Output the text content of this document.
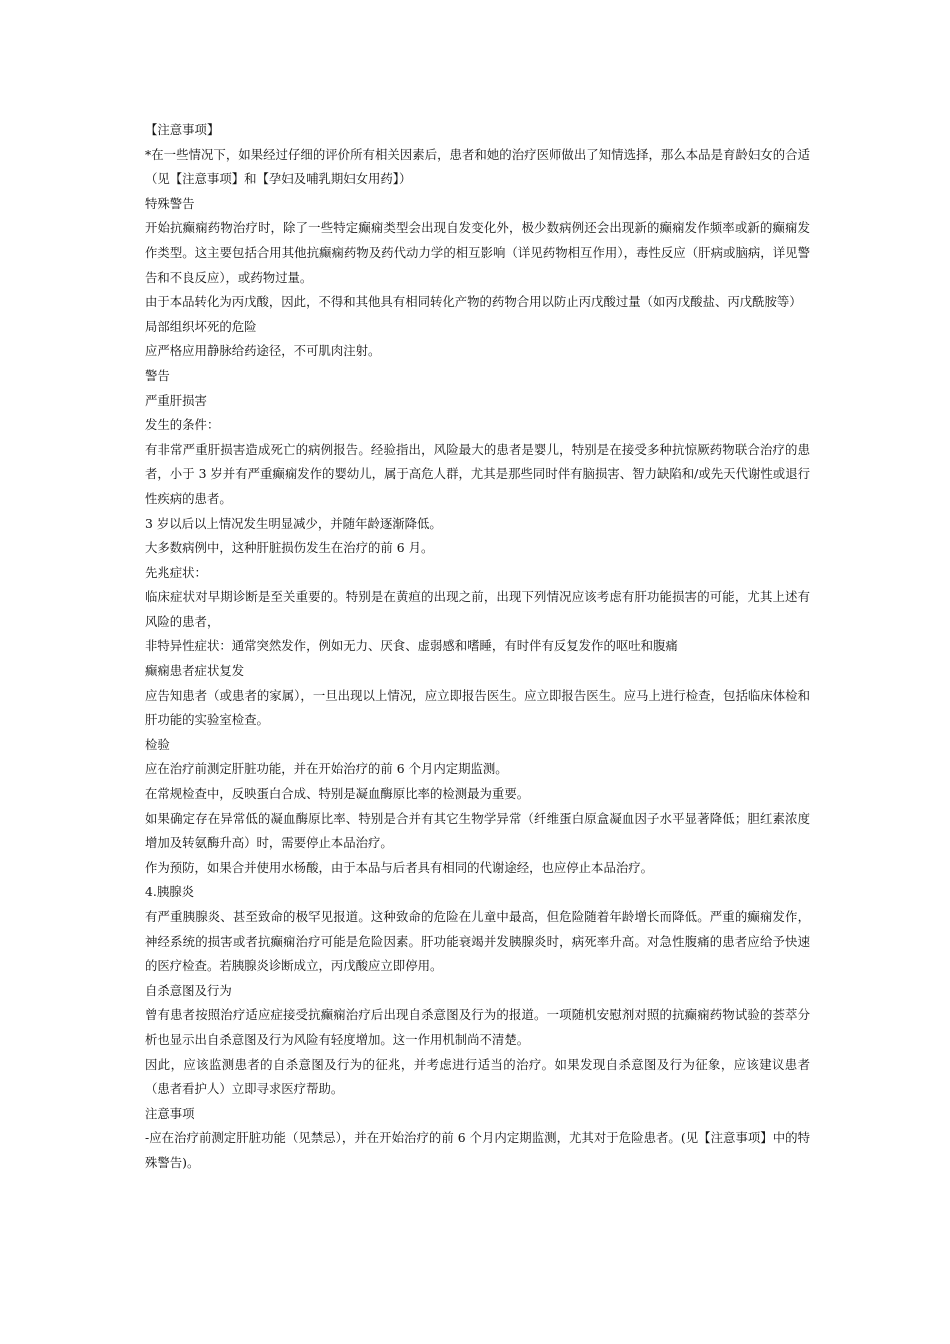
【注意事项】

*在一些情况下，如果经过仔细的评价所有相关因素后，患者和她的治疗医师做出了知情选择，那么本品是育龄妇女的合适（见【注意事项】和【孕妇及哺乳期妇女用药】）

特殊警告

开始抗癫痫药物治疗时，除了一些特定癫痫类型会出现自发变化外，极少数病例还会出现新的癫痫发作频率或新的癫痫发作类型。这主要包括合用其他抗癫痫药物及药代动力学的相互影响（详见药物相互作用），毒性反应（肝病或脑病，详见警告和不良反应），或药物过量。

由于本品转化为丙戊酸，因此，不得和其他具有相同转化产物的药物合用以防止丙戊酸过量（如丙戊酸盐、丙戊酰胺等）

局部组织坏死的危险

应严格应用静脉给药途径，不可肌肉注射。

警告

严重肝损害

发生的条件：

有非常严重肝损害造成死亡的病例报告。经验指出，风险最大的患者是婴儿，特别是在接受多种抗惊厥药物联合治疗的患者，小于 3 岁并有严重癫痫发作的婴幼儿，属于高危人群，尤其是那些同时伴有脑损害、智力缺陷和/或先天代谢性或退行性疾病的患者。

3 岁以后以上情况发生明显减少，并随年龄逐渐降低。

大多数病例中，这种肝脏损伤发生在治疗的前 6 月。

先兆症状：

临床症状对早期诊断是至关重要的。特别是在黄疸的出现之前，出现下列情况应该考虑有肝功能损害的可能，尤其上述有风险的患者，

非特异性症状：通常突然发作，例如无力、厌食、虚弱感和嗜睡，有时伴有反复发作的呕吐和腹痛

癫痫患者症状复发

应告知患者（或患者的家属），一旦出现以上情况，应立即报告医生。应立即报告医生。应马上进行检查，包括临床体检和肝功能的实验室检查。

检验

应在治疗前测定肝脏功能，并在开始治疗的前 6 个月内定期监测。

在常规检查中，反映蛋白合成、特别是凝血酶原比率的检测最为重要。

如果确定存在异常低的凝血酶原比率、特别是合并有其它生物学异常（纤维蛋白原盒凝血因子水平显著降低；胆红素浓度增加及转氨酶升高）时，需要停止本品治疗。

作为预防，如果合并使用水杨酸，由于本品与后者具有相同的代谢途经，也应停止本品治疗。

4.胰腺炎

有严重胰腺炎、甚至致命的极罕见报道。这种致命的危险在儿童中最高，但危险随着年龄增长而降低。严重的癫痫发作，神经系统的损害或者抗癫痫治疗可能是危险因素。肝功能衰竭并发胰腺炎时，病死率升高。对急性腹痛的患者应给予快速的医疗检查。若胰腺炎诊断成立，丙戊酸应立即停用。

自杀意图及行为

曾有患者按照治疗适应症接受抗癫痫治疗后出现自杀意图及行为的报道。一项随机安慰剂对照的抗癫痫药物试验的荟萃分析也显示出自杀意图及行为风险有轻度增加。这一作用机制尚不清楚。

因此，应该监测患者的自杀意图及行为的征兆，并考虑进行适当的治疗。如果发现自杀意图及行为征象，应该建议患者（患者看护人）立即寻求医疗帮助。

注意事项

-应在治疗前测定肝脏功能（见禁忌），并在开始治疗的前 6 个月内定期监测，尤其对于危险患者。(见【注意事项】中的特殊警告)。
